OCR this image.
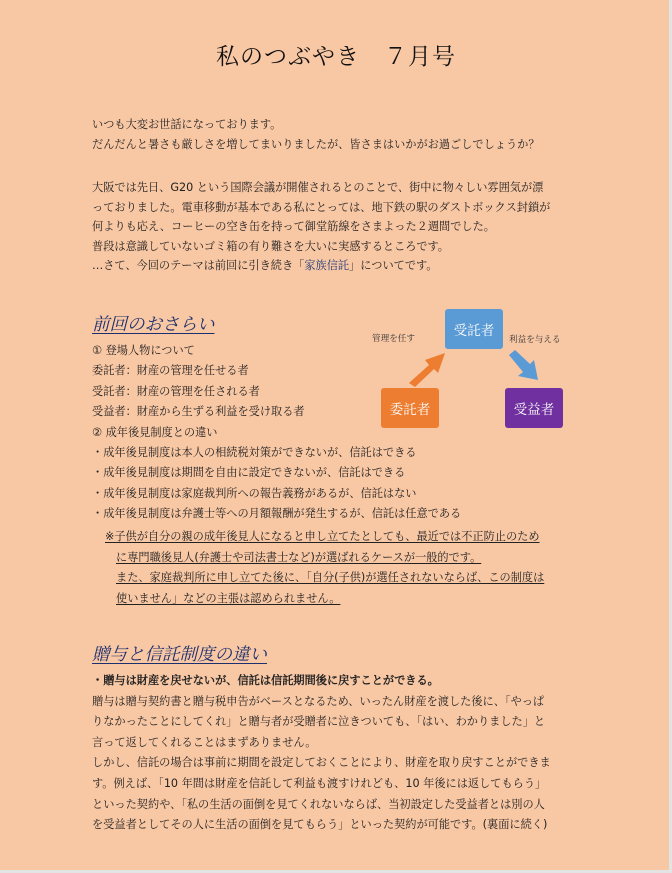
私のつぶやき　７月号

いつも大変お世話になっております。

だんだんと暑さも厳しさを増してまいりましたが、皆さまはいかがお過ごしでしょうか？

大阪では先日、G20 という国際会議が開催されるとのことで、街中に物々しい雰囲気が漂

っておりました。電車移動が基本である私にとっては、地下鉄の駅のダストボックス封鎖が

何よりも応え、コーヒーの空き缶を持って御堂筋線をさまよった２週間でした。

普段は意識していないゴミ箱の有り難さを大いに実感するところです。

…さて、今回のテーマは前回に引き続き「家族信託」についてです。

前回のおさらい

① 登場人物について

委託者：財産の管理を任せる者

受託者：財産の管理を任される者

受益者：財産から生ずる利益を受け取る者

② 成年後見制度との違い

・成年後見制度は本人の相続税対策ができないが、信託はできる

・成年後見制度は期間を自由に設定できないが、信託はできる

・成年後見制度は家庭裁判所への報告義務があるが、信託はない

・成年後見制度は弁護士等への月額報酬が発生するが、信託は任意である

※子供が自分の親の成年後見人になると申し立てたとしても、最近では不正防止のため

に専門職後見人(弁護士や司法書士など)が選ばれるケースが一般的です。

また、家庭裁判所に申し立てた後に、「自分(子供)が選任されないならば、この制度は

使いません」などの主張は認められません。

受託者
委託者	受益者
管理を任す	利益を与える
贈与と信託制度の違い

・贈与は財産を戻せないが、信託は信託期間後に戻すことができる。

贈与は贈与契約書と贈与税申告がベースとなるため、いったん財産を渡した後に、「やっぱ

りなかったことにしてくれ」と贈与者が受贈者に泣きついても、「はい、わかりました」と

言って返してくれることはまずありません。

しかし、信託の場合は事前に期間を設定しておくことにより、財産を取り戻すことができま

す。例えば、「10 年間は財産を信託して利益も渡すけれども、10 年後には返してもらう」

といった契約や、「私の生活の面倒を見てくれないならば、当初設定した受益者とは別の人

を受益者としてその人に生活の面倒を見てもらう」といった契約が可能です。(裏面に続く)
